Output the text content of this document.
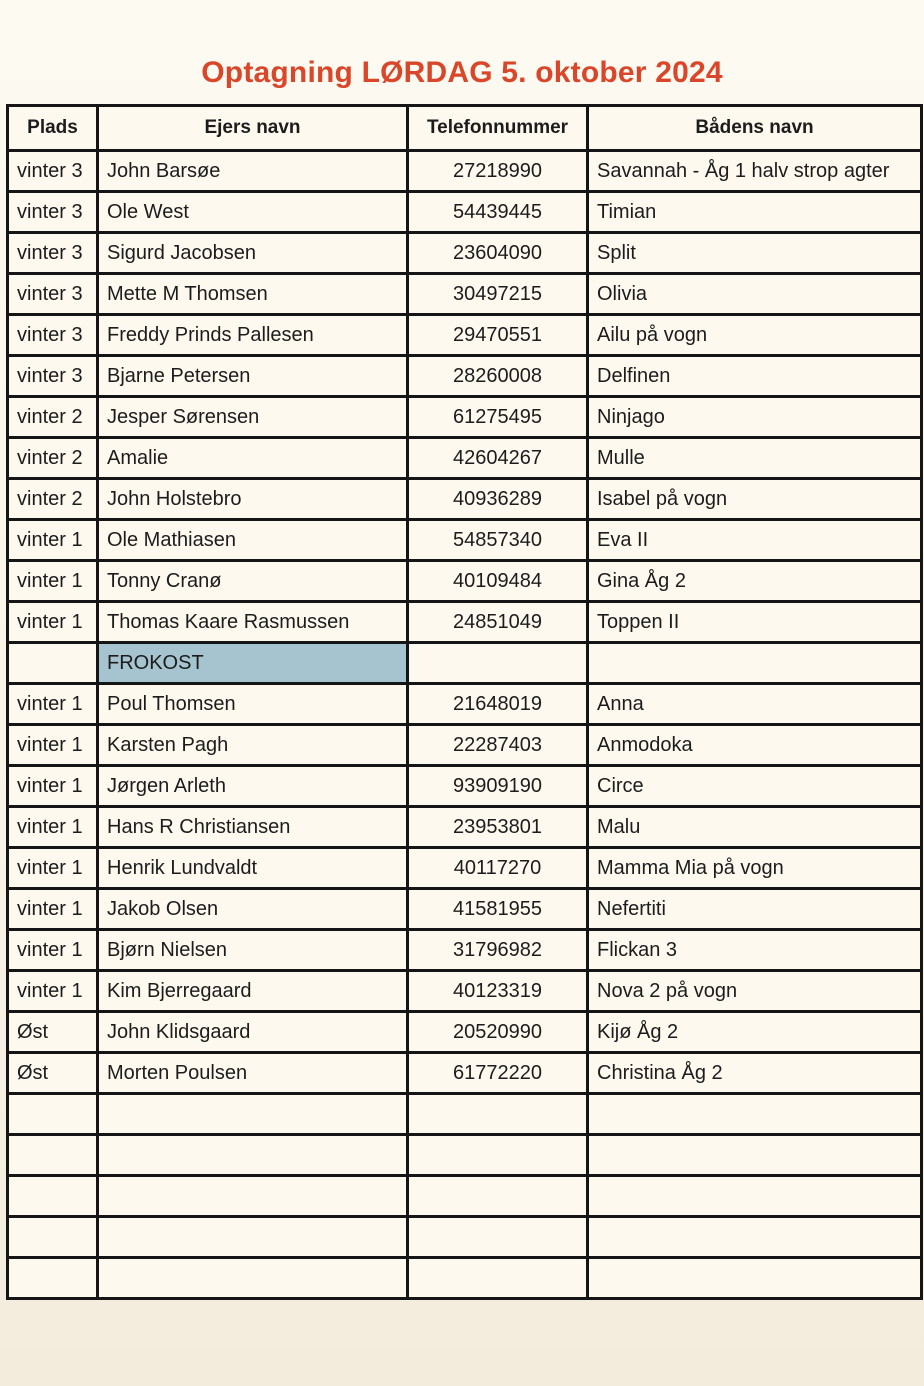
Optagning LØRDAG 5. oktober 2024
Plads	Ejers navn	Telefonnummer	Bådens navn
vinter 3	John Barsøe	27218990	Savannah - Åg 1 halv strop agter
vinter 3	Ole West	54439445	Timian
vinter 3	Sigurd Jacobsen	23604090	Split
vinter 3	Mette M Thomsen	30497215	Olivia
vinter 3	Freddy Prinds Pallesen	29470551	Ailu på vogn
vinter 3	Bjarne Petersen	28260008	Delfinen
vinter 2	Jesper Sørensen	61275495	Ninjago
vinter 2	Amalie	42604267	Mulle
vinter 2	John Holstebro	40936289	Isabel på vogn
vinter 1	Ole Mathiasen	54857340	Eva II
vinter 1	Tonny Cranø	40109484	Gina Åg 2
vinter 1	Thomas Kaare Rasmussen	24851049	Toppen II
	FROKOST		
vinter 1	Poul Thomsen	21648019	Anna
vinter 1	Karsten Pagh	22287403	Anmodoka
vinter 1	Jørgen Arleth	93909190	Circe
vinter 1	Hans R Christiansen	23953801	Malu
vinter 1	Henrik Lundvaldt	40117270	Mamma Mia på vogn
vinter 1	Jakob Olsen	41581955	Nefertiti
vinter 1	Bjørn Nielsen	31796982	Flickan 3
vinter 1	Kim Bjerregaard	40123319	Nova 2 på vogn
Øst	John Klidsgaard	20520990	Kijø Åg 2
Øst	Morten Poulsen	61772220	Christina Åg 2
